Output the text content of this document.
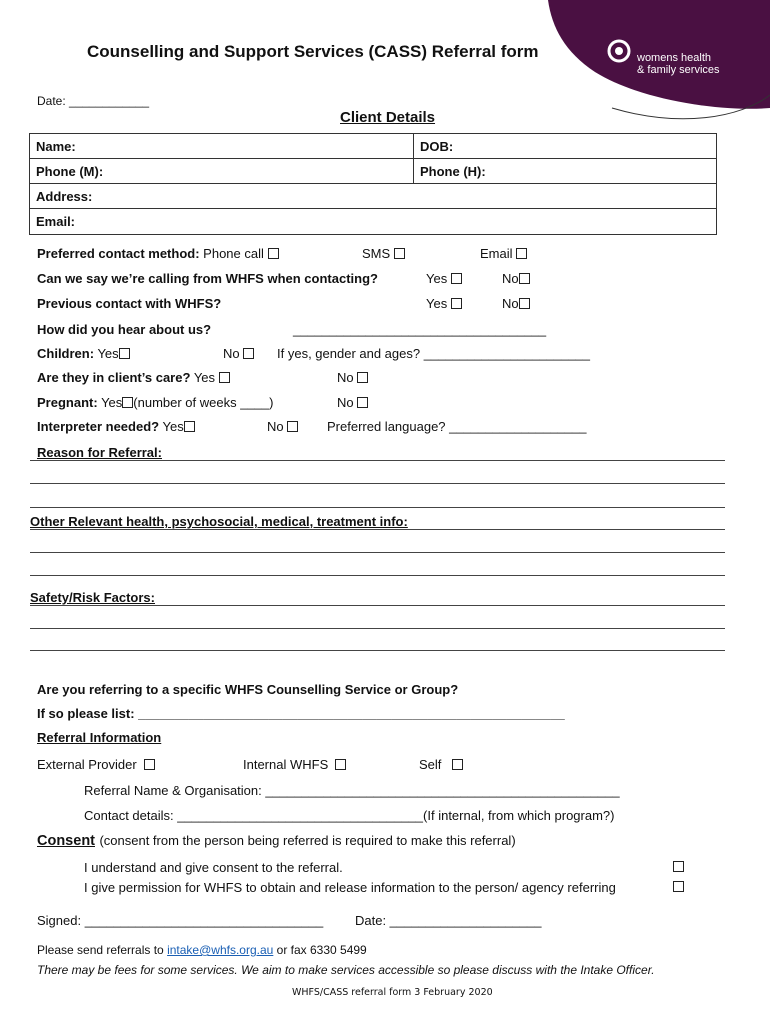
womens health
& family services
Counselling and Support Services (CASS) Referral form
Date: ____________
Client Details
Name:	DOB:
Phone (M):	Phone (H):
Address:
Email:
Preferred contact method: Phone call	SMS	Email
Can we say we’re calling from WHFS when contacting?	Yes	No
Previous contact with WHFS?	Yes	No
How did you hear about us?	___________________________________
Children: Yes	No	If yes, gender and ages? _______________________
Are they in client’s care? Yes	No
Pregnant: Yes (number of weeks ____)	No
Interpreter needed? Yes	No	Preferred language? ___________________
Reason for Referral:
Other Relevant health, psychosocial, medical, treatment info:
Safety/Risk Factors:
Are you referring to a specific WHFS Counselling Service or Group?
If so please list: ___________________________________________________________
Referral Information
External Provider	Internal WHFS	Self
Referral Name & Organisation: _________________________________________________
Contact details: __________________________________(If internal, from which program?)
Consent (consent from the person being referred is required to make this referral)
I understand and give consent to the referral.
I give permission for WHFS to obtain and release information to the person/ agency referring
Signed: _________________________________ Date: _____________________
Please send referrals to intake@whfs.org.au or fax 6330 5499
There may be fees for some services. We aim to make services accessible so please discuss with the Intake Officer.
WHFS/CASS referral form 3 February 2020
